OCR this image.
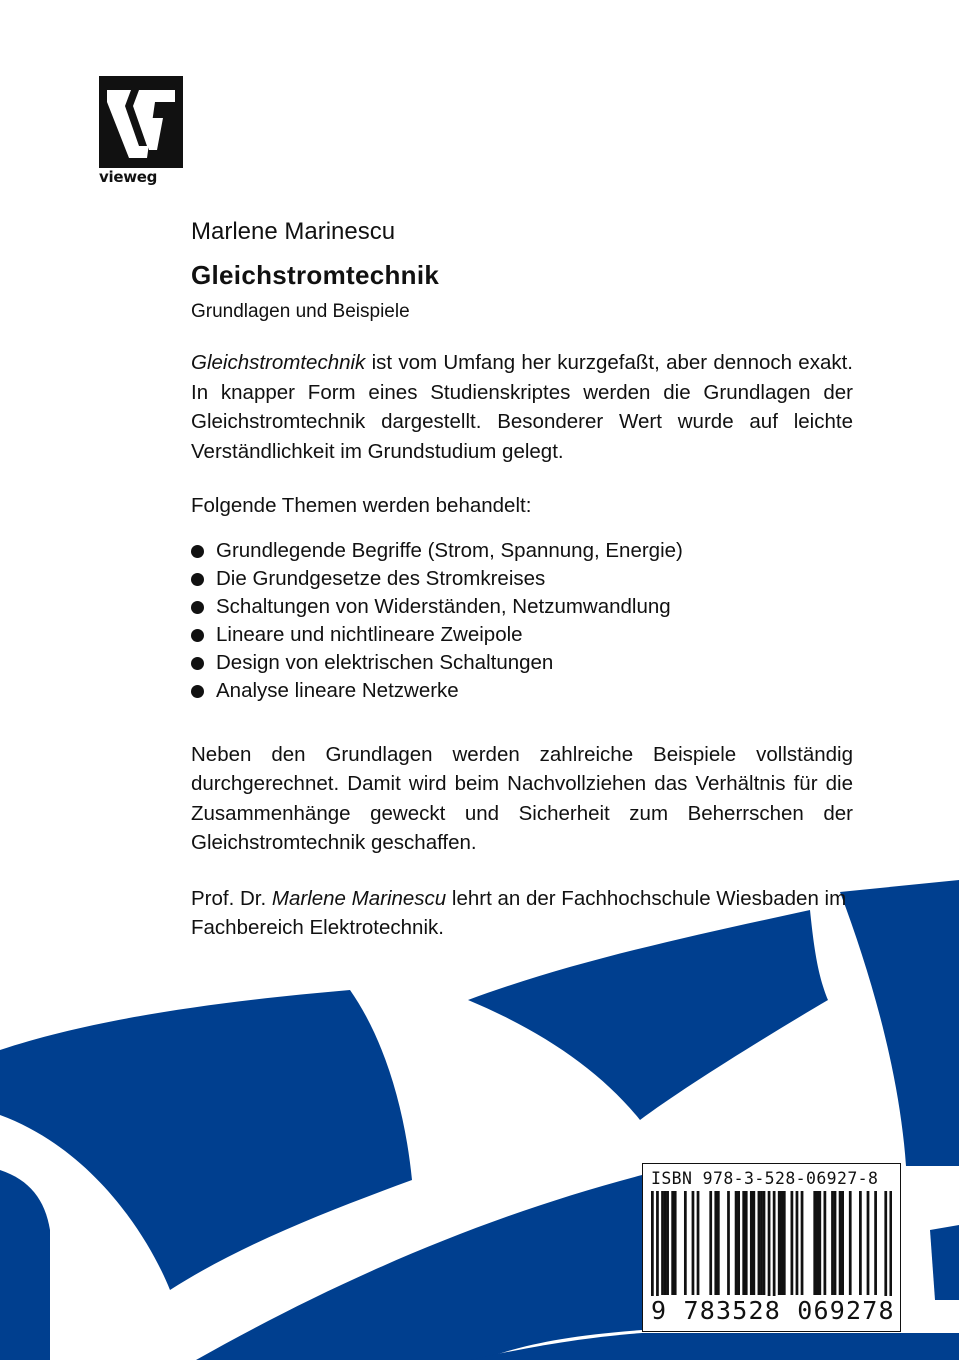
vieweg

Marlene Marinescu

Gleichstromtechnik

Grundlagen und Beispiele

Gleichstromtechnik ist vom Umfang her kurzgefaßt, aber dennoch exakt. In knapper Form eines Studienskriptes werden die Grundlagen der Gleichstromtechnik dargestellt. Besonderer Wert wurde auf leichte Verständlichkeit im Grundstudium gelegt.

Folgende Themen werden behandelt:

Grundlegende Begriffe (Strom, Spannung, Energie)
Die Grundgesetze des Stromkreises
Schaltungen von Widerständen, Netzumwandlung
Lineare und nichtlineare Zweipole
Design von elektrischen Schaltungen
Analyse lineare Netzwerke

Neben den Grundlagen werden zahlreiche Beispiele vollständig durchgerechnet. Damit wird beim Nachvollziehen das Verhältnis für die Zusammenhänge geweckt und Sicherheit zum Beherrschen der Gleichstromtechnik geschaffen.

Prof. Dr. Marlene Marinescu lehrt an der Fachhochschule Wiesbaden im Fachbereich Elektrotechnik.

ISBN 978-3-528-06927-8
9 783528 069278
